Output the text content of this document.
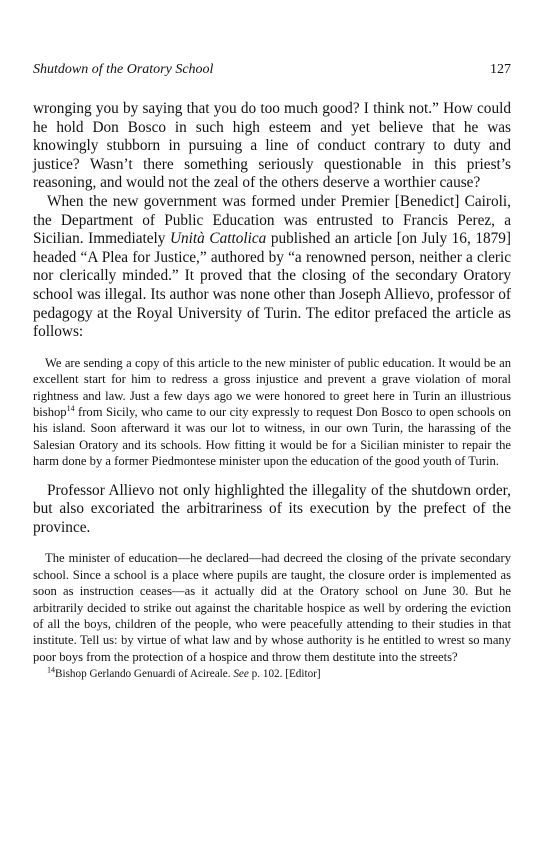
Shutdown of the Oratory School	127

wronging you by saying that you do too much good? I think not.” How could he hold Don Bosco in such high esteem and yet believe that he was knowingly stubborn in pursuing a line of conduct contrary to duty and justice? Wasn’t there something seriously questionable in this priest’s reasoning, and would not the zeal of the others deserve a worthier cause?

When the new government was formed under Premier [Benedict] Cairoli, the Department of Public Education was entrusted to Francis Perez, a Sicilian. Immediately Unità Cattolica published an article [on July 16, 1879] headed “A Plea for Justice,” authored by “a renowned person, neither a cleric nor clerically minded.” It proved that the closing of the secondary Oratory school was illegal. Its author was none other than Joseph Allievo, professor of pedagogy at the Royal University of Turin. The editor prefaced the article as follows:

We are sending a copy of this article to the new minister of public education. It would be an excellent start for him to redress a gross injustice and prevent a grave violation of moral rightness and law. Just a few days ago we were honored to greet here in Turin an illustrious bishop$^{14}$ from Sicily, who came to our city expressly to request Don Bosco to open schools on his island. Soon afterward it was our lot to witness, in our own Turin, the harassing of the Salesian Oratory and its schools. How fitting it would be for a Sicilian minister to repair the harm done by a former Piedmontese minister upon the education of the good youth of Turin.

Professor Allievo not only highlighted the illegality of the shutdown order, but also excoriated the arbitrariness of its execution by the prefect of the province.

The minister of education—he declared—had decreed the closing of the private secondary school. Since a school is a place where pupils are taught, the closure order is implemented as soon as instruction ceases—as it actually did at the Oratory school on June 30. But he arbitrarily decided to strike out against the charitable hospice as well by ordering the eviction of all the boys, children of the people, who were peacefully attending to their studies in that institute. Tell us: by virtue of what law and by whose authority is he entitled to wrest so many poor boys from the protection of a hospice and throw them destitute into the streets?

$^{14}$Bishop Gerlando Genuardi of Acireale. See p. 102. [Editor]
